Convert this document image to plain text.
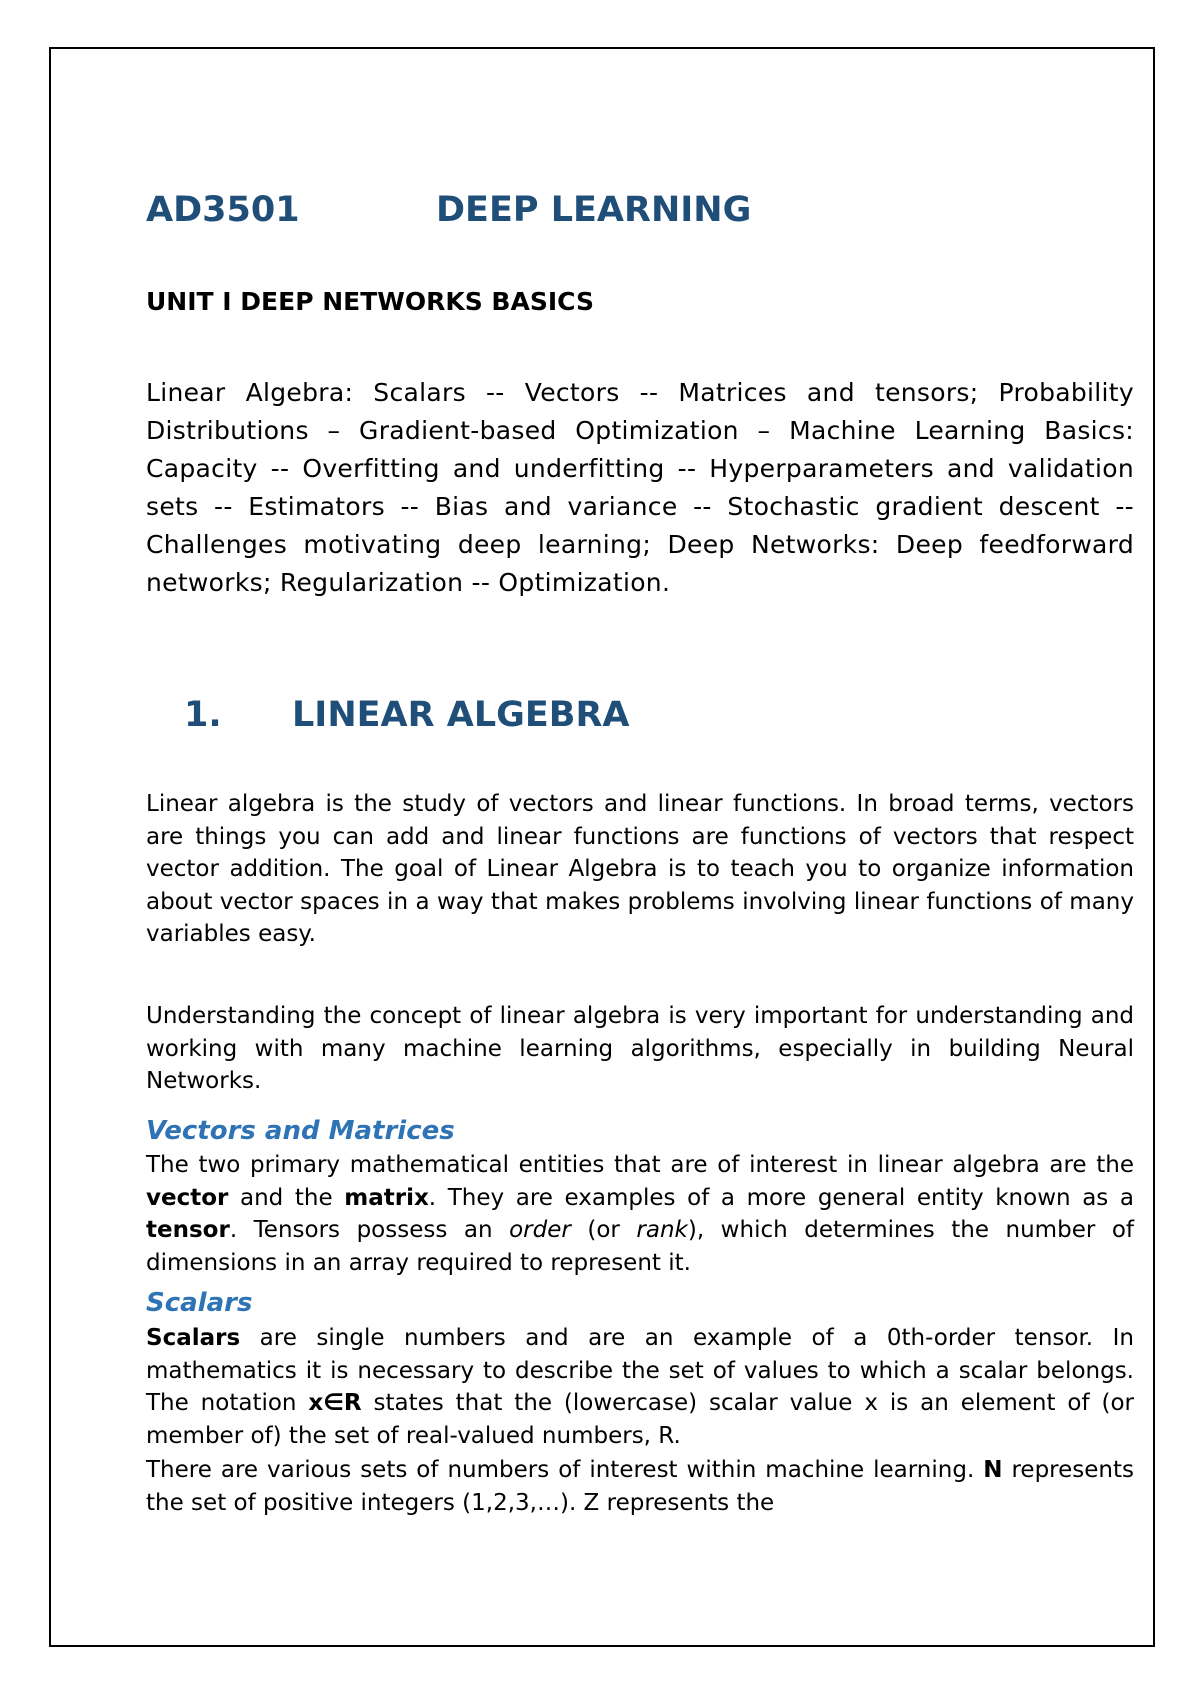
AD3501	DEEP LEARNING
UNIT I DEEP NETWORKS BASICS

Linear Algebra: Scalars -- Vectors -- Matrices and tensors; Probability Distributions – Gradient-based Optimization – Machine Learning Basics: Capacity -- Overfitting and underfitting -- Hyperparameters and validation sets -- Estimators -- Bias and variance -- Stochastic gradient descent -- Challenges motivating deep learning; Deep Networks: Deep feedforward networks; Regularization -- Optimization.

1. LINEAR ALGEBRA

Linear algebra is the study of vectors and linear functions. In broad terms, vectors are things you can add and linear functions are functions of vectors that respect vector addition. The goal of Linear Algebra is to teach you to organize information about vector spaces in a way that makes problems involving linear functions of many variables easy.

Understanding the concept of linear algebra is very important for understanding and working with many machine learning algorithms, especially in building Neural Networks.

Vectors and Matrices

The two primary mathematical entities that are of interest in linear algebra are the vector and the matrix. They are examples of a more general entity known as a tensor. Tensors possess an order (or rank), which determines the number of dimensions in an array required to represent it.

Scalars

Scalars are single numbers and are an example of a 0th-order tensor. In mathematics it is necessary to describe the set of values to which a scalar belongs. The notation x∈R states that the (lowercase) scalar value x is an element of (or member of) the set of real-valued numbers, R.

There are various sets of numbers of interest within machine learning. N represents the set of positive integers (1,2,3,…). Z represents the
